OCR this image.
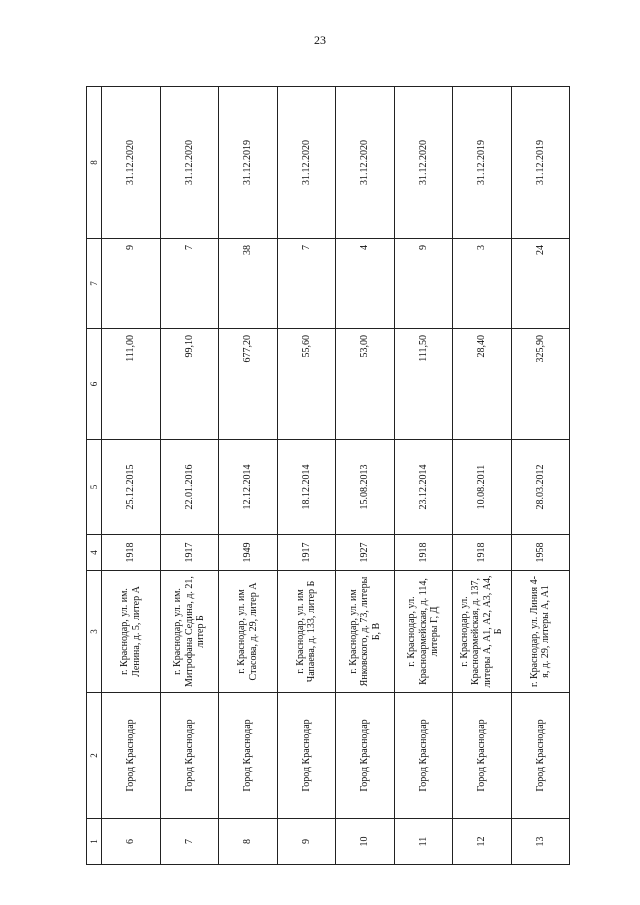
23
1	2	3	4	5	6	7	8
6	Город Краснодар	г. Краснодар, ул. им. Ленина, д. 5, литер А	1918	25.12.2015	111,00	9	31.12.2020
7	Город Краснодар	г. Краснодар, ул. им. Митрофана Седина, д. 21, литер Б	1917	22.01.2016	99,10	7	31.12.2020
8	Город Краснодар	г. Краснодар, ул. им Стасова, д. 29, литер А	1949	12.12.2014	677,20	38	31.12.2019
9	Город Краснодар	г. Краснодар, ул. им Чапаева, д. 133, литер Б	1917	18.12.2014	55,60	7	31.12.2020
10	Город Краснодар	г. Краснодар, ул. им Янковского, д. 73, литеры Б, В	1927	15.08.2013	53,00	4	31.12.2020
11	Город Краснодар	г. Краснодар, ул. Красноармейская, д. 114, литеры Г, Д	1918	23.12.2014	111,50	9	31.12.2020
12	Город Краснодар	г. Краснодар, ул. Красноармейская, д. 137, литеры А, А1, А2, А3, А4, Б	1918	10.08.2011	28,40	3	31.12.2019
13	Город Краснодар	г. Краснодар, ул. Линия 4-я, д. 29, литеры А, А1	1958	28.03.2012	325,90	24	31.12.2019
